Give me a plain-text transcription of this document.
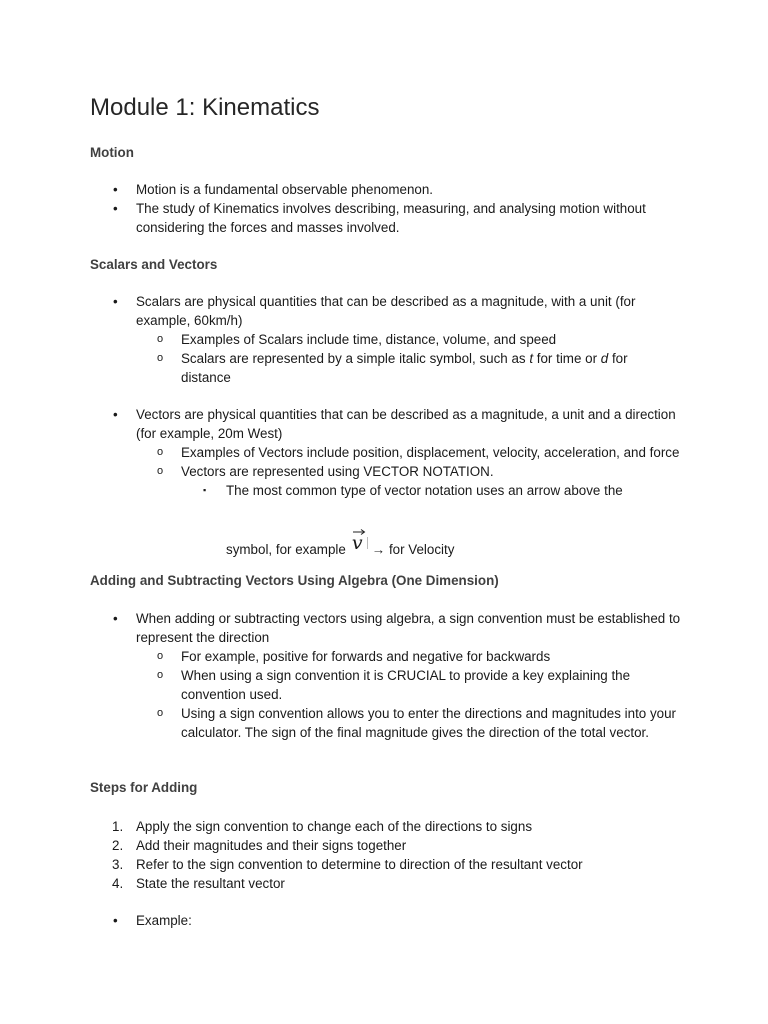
Module 1: Kinematics
Motion
• Motion is a fundamental observable phenomenon.
• The study of Kinematics involves describing, measuring, and analysing motion without considering the forces and masses involved.
Scalars and Vectors
• Scalars are physical quantities that can be described as a magnitude, with a unit (for example, 60km/h)
o Examples of Scalars include time, distance, volume, and speed
o Scalars are represented by a simple italic symbol, such as t for time or d for distance
• Vectors are physical quantities that can be described as a magnitude, a unit and a direction (for example, 20m West)
o Examples of Vectors include position, displacement, velocity, acceleration, and force
o Vectors are represented using VECTOR NOTATION.
▪ The most common type of vector notation uses an arrow above the
symbol, for example v → for Velocity
Adding and Subtracting Vectors Using Algebra (One Dimension)
• When adding or subtracting vectors using algebra, a sign convention must be established to represent the direction
o For example, positive for forwards and negative for backwards
o When using a sign convention it is CRUCIAL to provide a key explaining the convention used.
o Using a sign convention allows you to enter the directions and magnitudes into your calculator. The sign of the final magnitude gives the direction of the total vector.
Steps for Adding
1. Apply the sign convention to change each of the directions to signs
2. Add their magnitudes and their signs together
3. Refer to the sign convention to determine to direction of the resultant vector
4. State the resultant vector
• Example:
